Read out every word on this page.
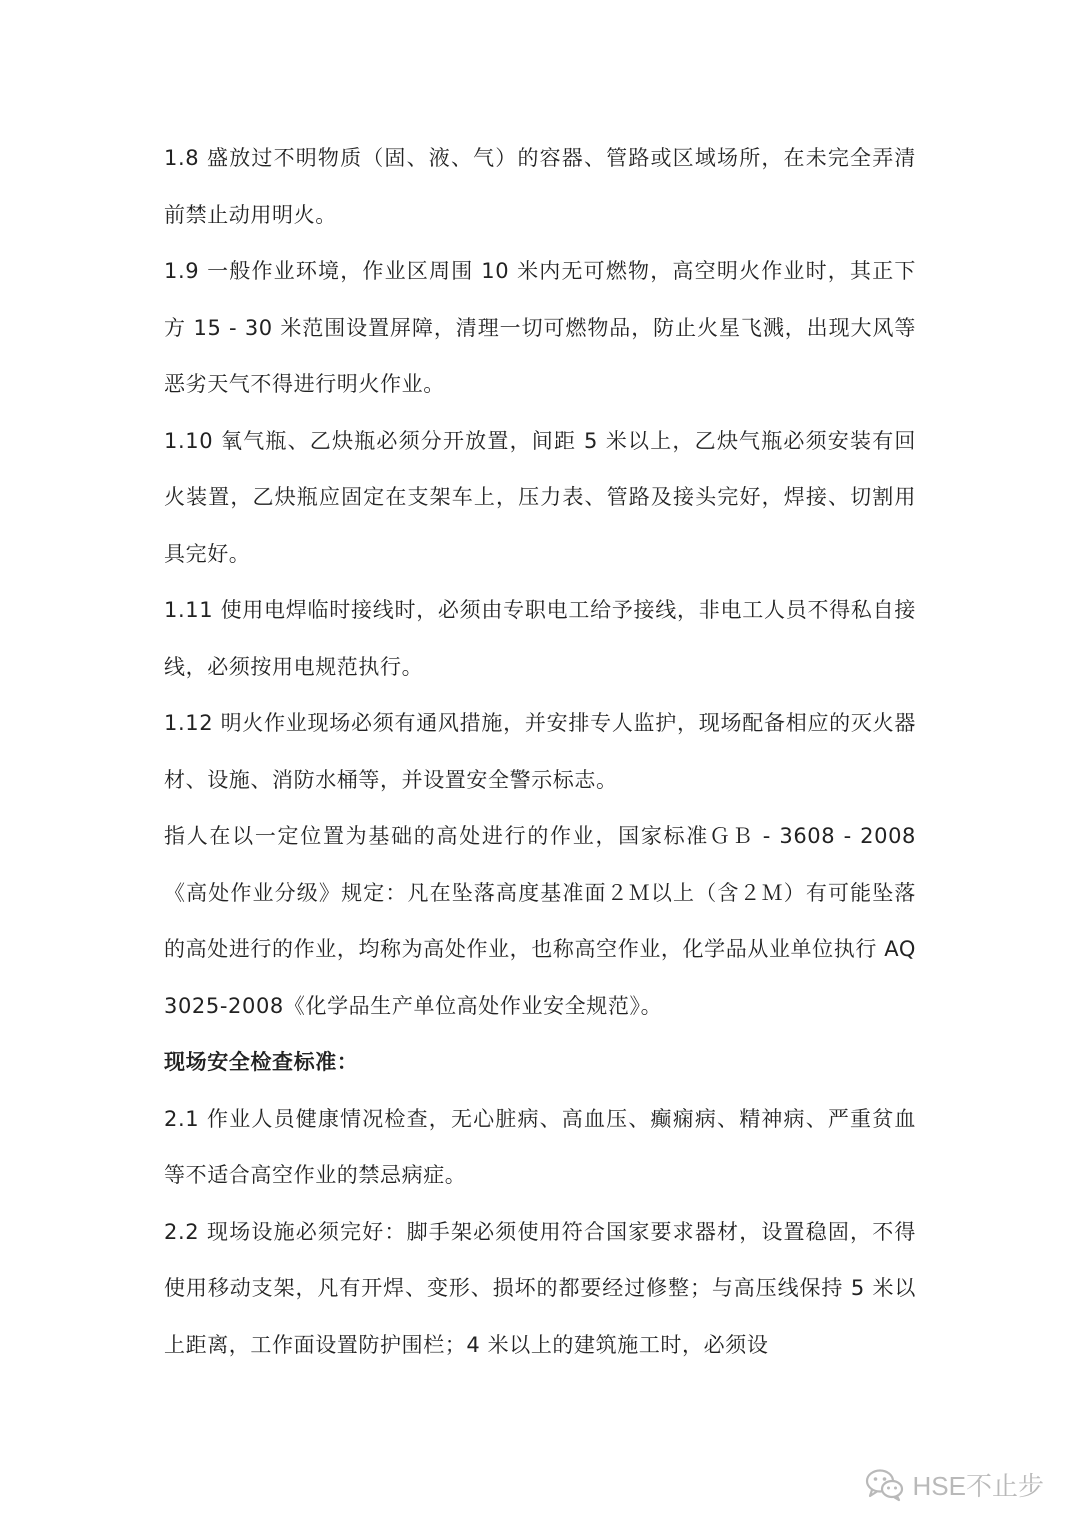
1.8 盛放过不明物质（固、液、气）的容器、管路或区域场所，在未完全弄清前禁止动用明火。

1.9 一般作业环境，作业区周围 10 米内无可燃物，高空明火作业时，其正下方 15 - 30 米范围设置屏障，清理一切可燃物品，防止火星飞溅，出现大风等恶劣天气不得进行明火作业。

1.10 氧气瓶、乙炔瓶必须分开放置，间距 5 米以上，乙炔气瓶必须安装有回火装置，乙炔瓶应固定在支架车上，压力表、管路及接头完好，焊接、切割用具完好。

1.11 使用电焊临时接线时，必须由专职电工给予接线，非电工人员不得私自接线，必须按用电规范执行。

1.12 明火作业现场必须有通风措施，并安排专人监护，现场配备相应的灭火器材、设施、消防水桶等，并设置安全警示标志。

指人在以一定位置为基础的高处进行的作业，国家标准ＧＢ - 3608 - 2008《高处作业分级》规定：凡在坠落高度基准面２Ｍ以上（含２Ｍ）有可能坠落的高处进行的作业，均称为高处作业，也称高空作业，化学品从业单位执行 AQ3025-2008《化学品生产单位高处作业安全规范》。

现场安全检查标准：

2.1 作业人员健康情况检查，无心脏病、高血压、癫痫病、精神病、严重贫血等不适合高空作业的禁忌病症。

2.2 现场设施必须完好：脚手架必须使用符合国家要求器材，设置稳固，不得使用移动支架，凡有开焊、变形、损坏的都要经过修整；与高压线保持 5 米以上距离，工作面设置防护围栏；4 米以上的建筑施工时，必须设

HSE不止步
